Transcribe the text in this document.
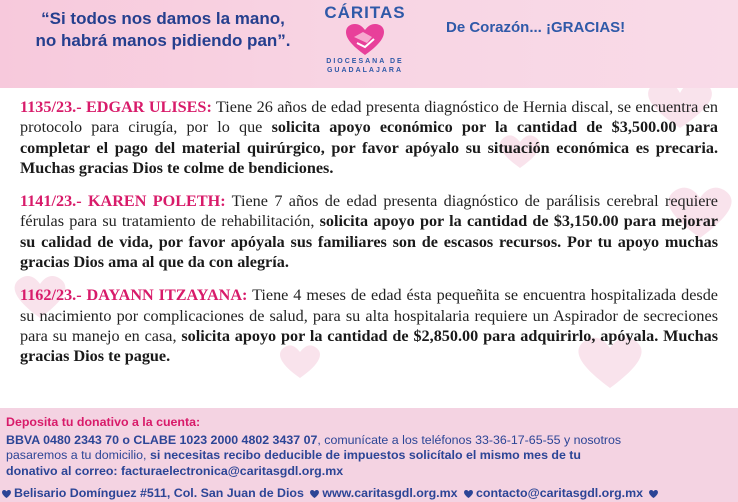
“Si todos nos damos la mano,
no habrá manos pidiendo pan”.
CÁRITAS
DIOCESANA DE
GUADALAJARA
De Corazón... ¡GRACIAS!

1135/23.- EDGAR ULISES: Tiene 26 años de edad presenta diagnóstico de Hernia discal, se encuentra en protocolo para cirugía, por lo que solicita apoyo económico por la cantidad de $3,500.00 para completar el pago del material quirúrgico, por favor apóyalo su situación económica es precaria. Muchas gracias Dios te colme de bendiciones.

1141/23.- KAREN POLETH: Tiene 7 años de edad presenta diagnóstico de parálisis cerebral requiere férulas para su tratamiento de rehabilitación, solicita apoyo por la cantidad de $3,150.00 para mejorar su calidad de vida, por favor apóyala sus familiares son de escasos recursos. Por tu apoyo muchas gracias Dios ama al que da con alegría.

1162/23.- DAYANN ITZAYANA: Tiene 4 meses de edad ésta pequeñita se encuentra hospitalizada desde su nacimiento por complicaciones de salud, para su alta hospitalaria requiere un Aspirador de secreciones para su manejo en casa, solicita apoyo por la cantidad de $2,850.00 para adquirirlo, apóyala. Muchas gracias Dios te pague.

Deposita tu donativo a la cuenta:
BBVA 0480 2343 70 o CLABE 1023 2000 4802 3437 07, comunícate a los teléfonos 33-36-17-65-55 y nosotros
pasaremos a tu domicilio, si necesitas recibo deducible de impuestos solicítalo el mismo mes de tu
donativo al correo: facturaelectronica@caritasgdl.org.mx
Belisario Domínguez #511, Col. San Juan de Dios www.caritasgdl.org.mx contacto@caritasgdl.org.mx
